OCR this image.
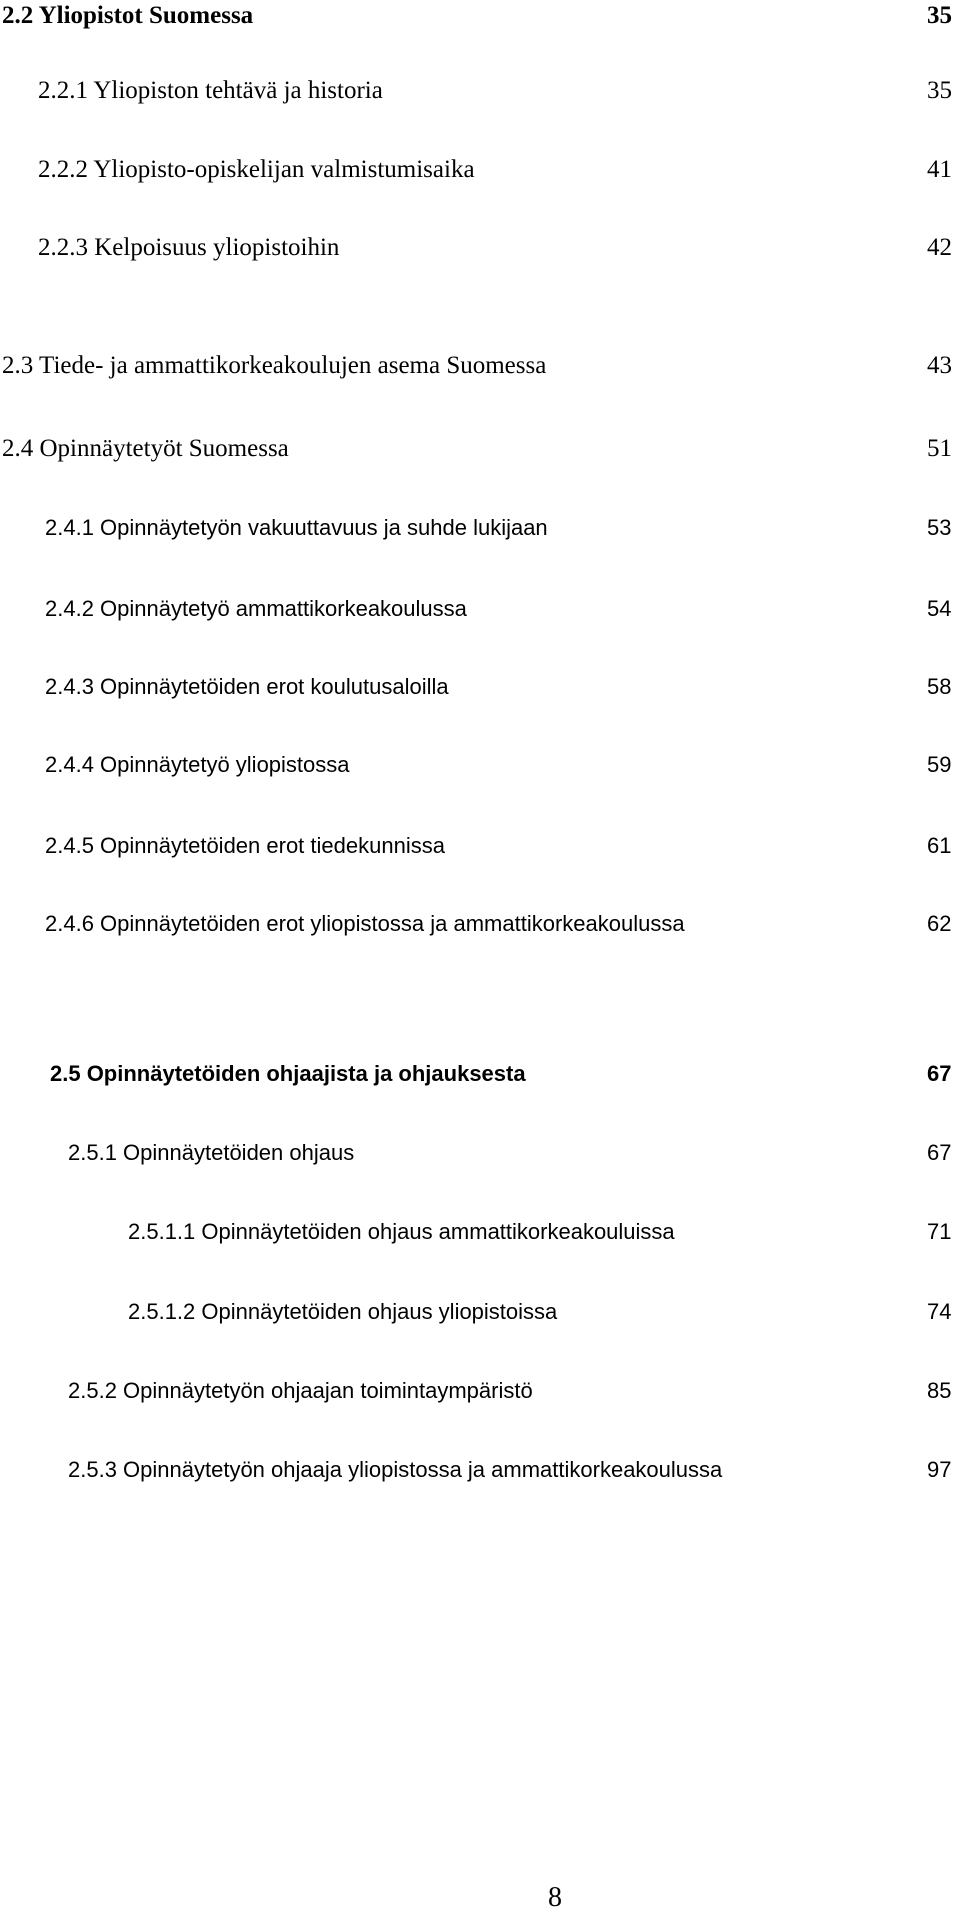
2.2 Yliopistot Suomessa	35
2.2.1 Yliopiston tehtävä ja historia	35
2.2.2 Yliopisto-opiskelijan valmistumisaika	41
2.2.3 Kelpoisuus yliopistoihin	42
2.3 Tiede- ja ammattikorkeakoulujen asema Suomessa	43
2.4 Opinnäytetyöt Suomessa	51
2.4.1 Opinnäytetyön vakuuttavuus ja suhde lukijaan	53
2.4.2 Opinnäytetyö ammattikorkeakoulussa	54
2.4.3 Opinnäytetöiden erot koulutusaloilla	58
2.4.4 Opinnäytetyö yliopistossa	59
2.4.5 Opinnäytetöiden erot tiedekunnissa	61
2.4.6 Opinnäytetöiden erot yliopistossa ja ammattikorkeakoulussa	62
2.5 Opinnäytetöiden ohjaajista ja ohjauksesta	67
2.5.1 Opinnäytetöiden ohjaus	67
2.5.1.1 Opinnäytetöiden ohjaus ammattikorkeakouluissa	71
2.5.1.2 Opinnäytetöiden ohjaus yliopistoissa	74
2.5.2 Opinnäytetyön ohjaajan toimintaympäristö	85
2.5.3 Opinnäytetyön ohjaaja yliopistossa ja ammattikorkeakoulussa	97
8
